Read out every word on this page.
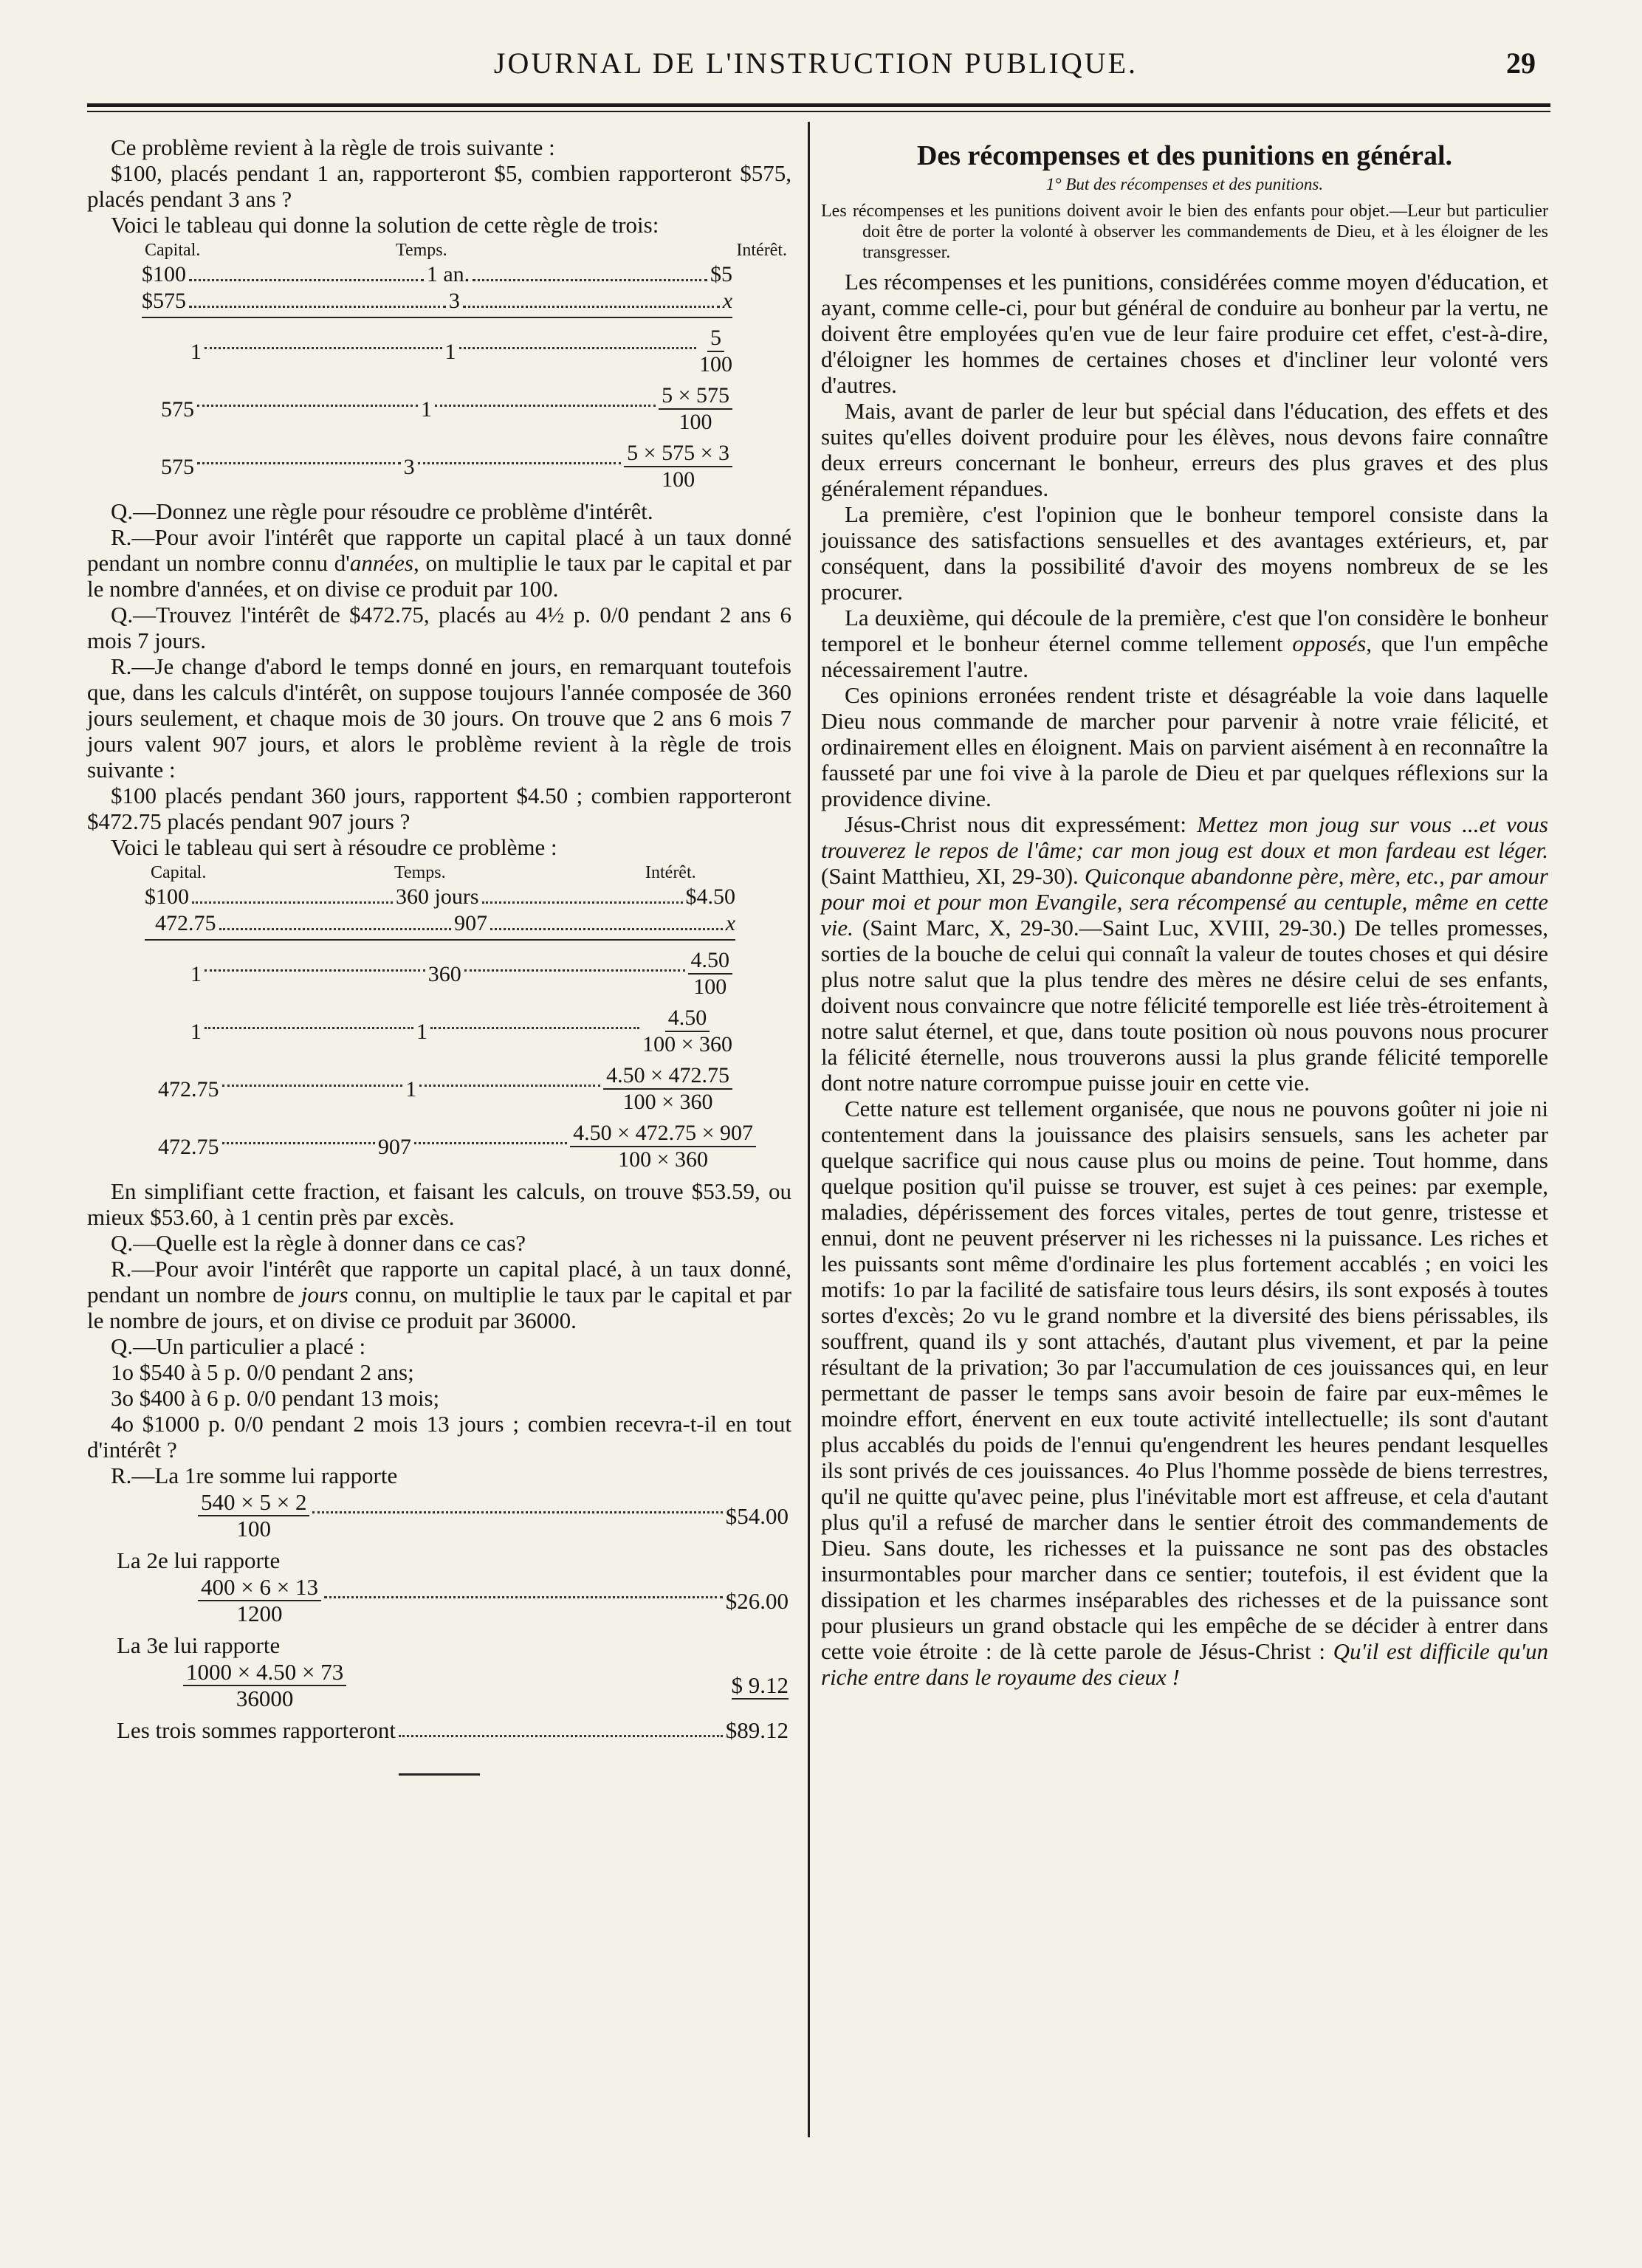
JOURNAL DE L'INSTRUCTION PUBLIQUE.	29

Ce problème revient à la règle de trois suivante :

$100, placés pendant 1 an, rapporteront $5, combien rapporteront $575, placés pendant 3 ans ?

Voici le tableau qui donne la solution de cette règle de trois:

Capital.	Temps.	Intérêt.
$100	1 an.	$5
$575	3	x
1	1	$\frac{5}{100}$
575	1	$\frac{5 \times 575}{100}$
575	3	$\frac{5 \times 575 \times 3}{100}$

Q.—Donnez une règle pour résoudre ce problème d'intérêt.

R.—Pour avoir l'intérêt que rapporte un capital placé à un taux donné pendant un nombre connu d'années, on multiplie le taux par le capital et par le nombre d'années, et on divise ce produit par 100.

Q.—Trouvez l'intérêt de $472.75, placés au 4½ p. 0/0 pendant 2 ans 6 mois 7 jours.

R.—Je change d'abord le temps donné en jours, en remarquant toutefois que, dans les calculs d'intérêt, on suppose toujours l'année composée de 360 jours seulement, et chaque mois de 30 jours. On trouve que 2 ans 6 mois 7 jours valent 907 jours, et alors le problème revient à la règle de trois suivante :

$100 placés pendant 360 jours, rapportent $4.50 ; combien rapporteront $472.75 placés pendant 907 jours ?

Voici le tableau qui sert à résoudre ce problème :

Capital.	Temps.	Intérêt.
$100	360 jours	$4.50
472.75	907	x
1	360	$\frac{4.50}{100}$
1	1	$\frac{4.50}{100 \times 360}$
472.75	1	$\frac{4.50 \times 472.75}{100 \times 360}$
472.75	907	$\frac{4.50 \times 472.75 \times 907}{100 \times 360}$

En simplifiant cette fraction, et faisant les calculs, on trouve $53.59, ou mieux $53.60, à 1 centin près par excès.

Q.—Quelle est la règle à donner dans ce cas?

R.—Pour avoir l'intérêt que rapporte un capital placé, à un taux donné, pendant un nombre de jours connu, on multiplie le taux par le capital et par le nombre de jours, et on divise ce produit par 36000.

Q.—Un particulier a placé :

1o $540 à 5 p. 0/0 pendant 2 ans;

3o $400 à 6 p. 0/0 pendant 13 mois;

4o $1000 p. 0/0 pendant 2 mois 13 jours ; combien recevra-t-il en tout d'intérêt ?

R.—La 1re somme lui rapporte

$\frac{540 \times 5 \times 2}{100}$	$54.00

La 2e lui rapporte

$\frac{400 \times 6 \times 13}{1200}$	$26.00

La 3e lui rapporte

$\frac{1000 \times 4.50 \times 73}{36000}$	$ 9.12
Les trois sommes rapporteront	$89.12
Des récompenses et des punitions en général.
1° But des récompenses et des punitions.

Les récompenses et les punitions doivent avoir le bien des enfants pour objet.—Leur but particulier doit être de porter la volonté à observer les commandements de Dieu, et à les éloigner de les transgresser.

Les récompenses et les punitions, considérées comme moyen d'éducation, et ayant, comme celle-ci, pour but général de conduire au bonheur par la vertu, ne doivent être employées qu'en vue de leur faire produire cet effet, c'est-à-dire, d'éloigner les hommes de certaines choses et d'incliner leur volonté vers d'autres.

Mais, avant de parler de leur but spécial dans l'éducation, des effets et des suites qu'elles doivent produire pour les élèves, nous devons faire connaître deux erreurs concernant le bonheur, erreurs des plus graves et des plus généralement répandues.

La première, c'est l'opinion que le bonheur temporel consiste dans la jouissance des satisfactions sensuelles et des avantages extérieurs, et, par conséquent, dans la possibilité d'avoir des moyens nombreux de se les procurer.

La deuxième, qui découle de la première, c'est que l'on considère le bonheur temporel et le bonheur éternel comme tellement opposés, que l'un empêche nécessairement l'autre.

Ces opinions erronées rendent triste et désagréable la voie dans laquelle Dieu nous commande de marcher pour parvenir à notre vraie félicité, et ordinairement elles en éloignent. Mais on parvient aisément à en reconnaître la fausseté par une foi vive à la parole de Dieu et par quelques réflexions sur la providence divine.

Jésus-Christ nous dit expressément: Mettez mon joug sur vous ...et vous trouverez le repos de l'âme; car mon joug est doux et mon fardeau est léger. (Saint Matthieu, XI, 29-30). Quiconque abandonne père, mère, etc., par amour pour moi et pour mon Evangile, sera récompensé au centuple, même en cette vie. (Saint Marc, X, 29-30.—Saint Luc, XVIII, 29-30.) De telles promesses, sorties de la bouche de celui qui connaît la valeur de toutes choses et qui désire plus notre salut que la plus tendre des mères ne désire celui de ses enfants, doivent nous convaincre que notre félicité temporelle est liée très-étroitement à notre salut éternel, et que, dans toute position où nous pouvons nous procurer la félicité éternelle, nous trouverons aussi la plus grande félicité temporelle dont notre nature corrompue puisse jouir en cette vie.

Cette nature est tellement organisée, que nous ne pouvons goûter ni joie ni contentement dans la jouissance des plaisirs sensuels, sans les acheter par quelque sacrifice qui nous cause plus ou moins de peine. Tout homme, dans quelque position qu'il puisse se trouver, est sujet à ces peines: par exemple, maladies, dépérissement des forces vitales, pertes de tout genre, tristesse et ennui, dont ne peuvent préserver ni les richesses ni la puissance. Les riches et les puissants sont même d'ordinaire les plus fortement accablés ; en voici les motifs: 1o par la facilité de satisfaire tous leurs désirs, ils sont exposés à toutes sortes d'excès; 2o vu le grand nombre et la diversité des biens périssables, ils souffrent, quand ils y sont attachés, d'autant plus vivement, et par la peine résultant de la privation; 3o par l'accumulation de ces jouissances qui, en leur permettant de passer le temps sans avoir besoin de faire par eux-mêmes le moindre effort, énervent en eux toute activité intellectuelle; ils sont d'autant plus accablés du poids de l'ennui qu'engendrent les heures pendant lesquelles ils sont privés de ces jouissances. 4o Plus l'homme possède de biens terrestres, qu'il ne quitte qu'avec peine, plus l'inévitable mort est affreuse, et cela d'autant plus qu'il a refusé de marcher dans le sentier étroit des commandements de Dieu. Sans doute, les richesses et la puissance ne sont pas des obstacles insurmontables pour marcher dans ce sentier; toutefois, il est évident que la dissipation et les charmes inséparables des richesses et de la puissance sont pour plusieurs un grand obstacle qui les empêche de se décider à entrer dans cette voie étroite : de là cette parole de Jésus-Christ : Qu'il est difficile qu'un riche entre dans le royaume des cieux !
